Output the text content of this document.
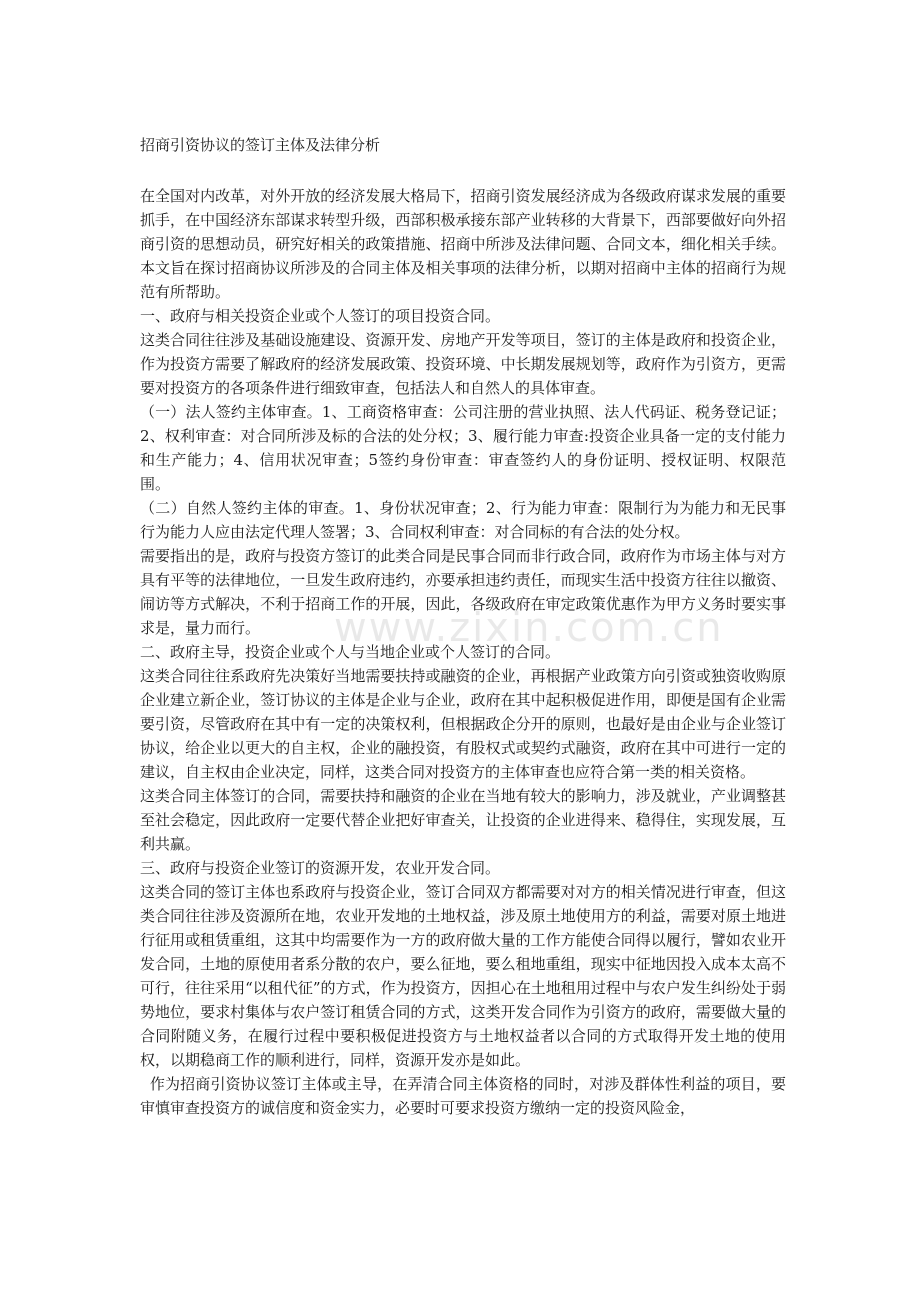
招商引资协议的签订主体及法律分析

在全国对内改革，对外开放的经济发展大格局下，招商引资发展经济成为各级政府谋求发展的重要抓手，在中国经济东部谋求转型升级，西部积极承接东部产业转移的大背景下，西部要做好向外招商引资的思想动员，研究好相关的政策措施、招商中所涉及法律问题、合同文本，细化相关手续。本文旨在探讨招商协议所涉及的合同主体及相关事项的法律分析，以期对招商中主体的招商行为规范有所帮助。

一、政府与相关投资企业或个人签订的项目投资合同。

这类合同往往涉及基础设施建设、资源开发、房地产开发等项目，签订的主体是政府和投资企业，作为投资方需要了解政府的经济发展政策、投资环境、中长期发展规划等，政府作为引资方，更需要对投资方的各项条件进行细致审查，包括法人和自然人的具体审查。

（一）法人签约主体审查。1、工商资格审查：公司注册的营业执照、法人代码证、税务登记证；2、权利审查：对合同所涉及标的合法的处分权；3、履行能力审查:投资企业具备一定的支付能力和生产能力；4、信用状况审查；5签约身份审查：审查签约人的身份证明、授权证明、权限范围。

（二）自然人签约主体的审查。1、身份状况审查；2、行为能力审查：限制行为为能力和无民事行为能力人应由法定代理人签署；3、合同权利审查：对合同标的有合法的处分权。

需要指出的是，政府与投资方签订的此类合同是民事合同而非行政合同，政府作为市场主体与对方具有平等的法律地位，一旦发生政府违约，亦要承担违约责任，而现实生活中投资方往往以撤资、闹访等方式解决，不利于招商工作的开展，因此，各级政府在审定政策优惠作为甲方义务时要实事求是，量力而行。

二、政府主导，投资企业或个人与当地企业或个人签订的合同。

这类合同往往系政府先决策好当地需要扶持或融资的企业，再根据产业政策方向引资或独资收购原企业建立新企业，签订协议的主体是企业与企业，政府在其中起积极促进作用，即便是国有企业需要引资，尽管政府在其中有一定的决策权利，但根据政企分开的原则，也最好是由企业与企业签订协议，给企业以更大的自主权，企业的融投资，有股权式或契约式融资，政府在其中可进行一定的建议，自主权由企业决定，同样，这类合同对投资方的主体审查也应符合第一类的相关资格。

这类合同主体签订的合同，需要扶持和融资的企业在当地有较大的影响力，涉及就业，产业调整甚至社会稳定，因此政府一定要代替企业把好审查关，让投资的企业进得来、稳得住，实现发展，互利共赢。

三、政府与投资企业签订的资源开发，农业开发合同。

这类合同的签订主体也系政府与投资企业，签订合同双方都需要对对方的相关情况进行审查，但这类合同往往涉及资源所在地，农业开发地的土地权益，涉及原土地使用方的利益，需要对原土地进行征用或租赁重组，这其中均需要作为一方的政府做大量的工作方能使合同得以履行，譬如农业开发合同，土地的原使用者系分散的农户，要么征地，要么租地重组，现实中征地因投入成本太高不可行，往往采用“以租代征”的方式，作为投资方，因担心在土地租用过程中与农户发生纠纷处于弱势地位，要求村集体与农户签订租赁合同的方式，这类开发合同作为引资方的政府，需要做大量的合同附随义务，在履行过程中要积极促进投资方与土地权益者以合同的方式取得开发土地的使用权，以期稳商工作的顺利进行，同样，资源开发亦是如此。

作为招商引资协议签订主体或主导，在弄清合同主体资格的同时，对涉及群体性利益的项目，要审慎审查投资方的诚信度和资金实力，必要时可要求投资方缴纳一定的投资风险金，

www.zixin.com.cn
